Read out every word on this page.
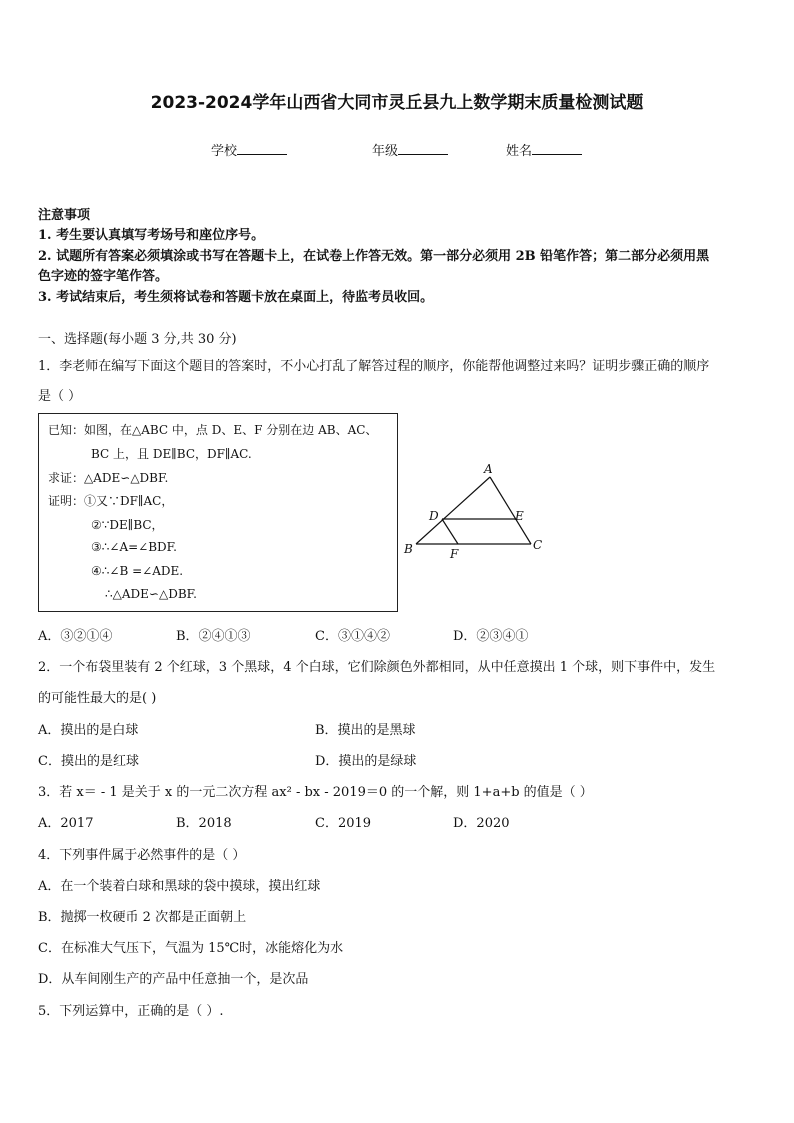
2023-2024学年山西省大同市灵丘县九上数学期末质量检测试题
学校	年级	姓名
注意事项
1. 考生要认真填写考场号和座位序号。
2. 试题所有答案必须填涂或书写在答题卡上，在试卷上作答无效。第一部分必须用 2B 铅笔作答；第二部分必须用黑
色字迹的签字笔作答。
3. 考试结束后，考生须将试卷和答题卡放在桌面上，待监考员收回。
一、选择题(每小题 3 分,共 30 分)
1．李老师在编写下面这个题目的答案时，不小心打乱了解答过程的顺序，你能帮他调整过来吗？证明步骤正确的顺序
是（ ）
已知：如图，在△ABC 中，点 D、E、F 分别在边 AB、AC、
BC 上，且 DE∥BC，DF∥AC.
求证：△ADE∽△DBF.
证明：①又∵DF∥AC，
②∵DE∥BC，
③∴∠A=∠BDF.
④∴∠B =∠ADE.
∴△ADE∽△DBF.
A
B	C
D	E
F
A．③②①④	B．②④①③	C．③①④②	D．②③④①
2．一个布袋里装有 2 个红球，3 个黑球，4 个白球，它们除颜色外都相同，从中任意摸出 1 个球，则下事件中，发生
的可能性最大的是( )
A．摸出的是白球	B．摸出的是黑球
C．摸出的是红球	D．摸出的是绿球
3．若 x＝ - 1 是关于 x 的一元二次方程 ax² - bx - 2019＝0 的一个解，则 1+a+b 的值是（ ）
A．2017	B．2018	C．2019	D．2020
4．下列事件属于必然事件的是（ ）
A．在一个装着白球和黑球的袋中摸球，摸出红球
B．抛掷一枚硬币 2 次都是正面朝上
C．在标准大气压下，气温为 15℃时，冰能熔化为水
D．从车间刚生产的产品中任意抽一个，是次品
5．下列运算中，正确的是（ ）.
